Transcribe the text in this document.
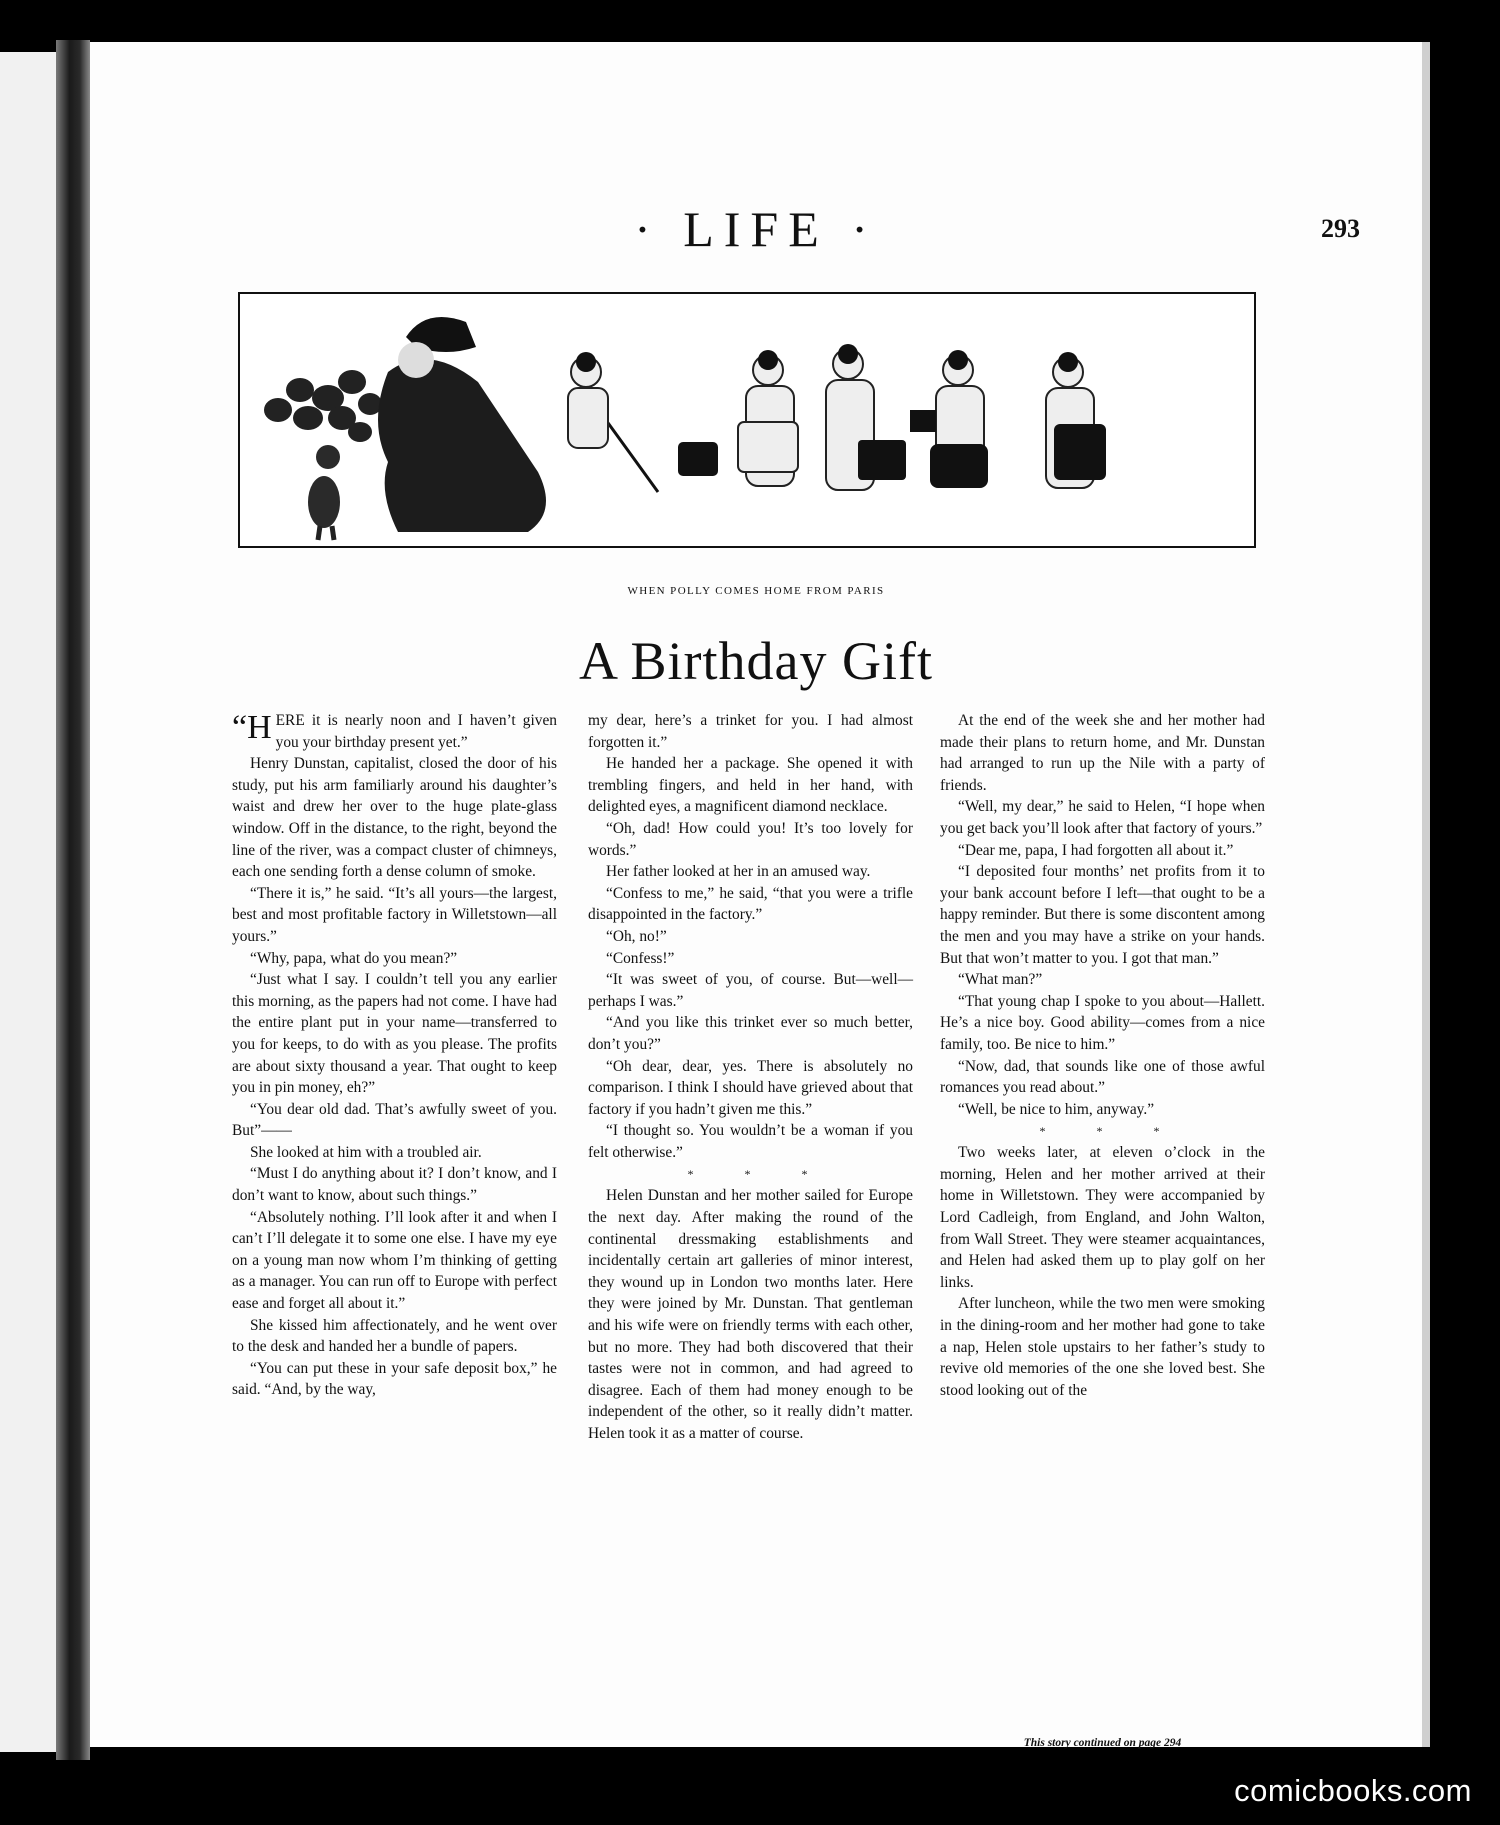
· LIFE ·	293
WHEN POLLY COMES HOME FROM PARIS
A Birthday Gift

“HERE it is nearly noon and I haven’t given you your birthday present yet.”

Henry Dunstan, capitalist, closed the door of his study, put his arm familiarly around his daughter’s waist and drew her over to the huge plate-glass window. Off in the distance, to the right, beyond the line of the river, was a compact cluster of chimneys, each one sending forth a dense column of smoke.

“There it is,” he said. “It’s all yours—the largest, best and most profitable factory in Willetstown—all yours.”

“Why, papa, what do you mean?”

“Just what I say. I couldn’t tell you any earlier this morning, as the papers had not come. I have had the entire plant put in your name—transferred to you for keeps, to do with as you please. The profits are about sixty thousand a year. That ought to keep you in pin money, eh?”

“You dear old dad. That’s awfully sweet of you. But”——

She looked at him with a troubled air.

“Must I do anything about it? I don’t know, and I don’t want to know, about such things.”

“Absolutely nothing. I’ll look after it and when I can’t I’ll delegate it to some one else. I have my eye on a young man now whom I’m thinking of getting as a manager. You can run off to Europe with perfect ease and forget all about it.”

She kissed him affectionately, and he went over to the desk and handed her a bundle of papers.

“You can put these in your safe deposit box,” he said. “And, by the way,

my dear, here’s a trinket for you. I had almost forgotten it.”

He handed her a package. She opened it with trembling fingers, and held in her hand, with delighted eyes, a magnificent diamond necklace.

“Oh, dad! How could you! It’s too lovely for words.”

Her father looked at her in an amused way.

“Confess to me,” he said, “that you were a trifle disappointed in the factory.”

“Oh, no!”

“Confess!”

“It was sweet of you, of course. But—well—perhaps I was.”

“And you like this trinket ever so much better, don’t you?”

“Oh dear, dear, yes. There is absolutely no comparison. I think I should have grieved about that factory if you hadn’t given me this.”

“I thought so. You wouldn’t be a woman if you felt otherwise.”

* * *

Helen Dunstan and her mother sailed for Europe the next day. After making the round of the continental dressmaking establishments and incidentally certain art galleries of minor interest, they wound up in London two months later. Here they were joined by Mr. Dunstan. That gentleman and his wife were on friendly terms with each other, but no more. They had both discovered that their tastes were not in common, and had agreed to disagree. Each of them had money enough to be independent of the other, so it really didn’t matter. Helen took it as a matter of course.

At the end of the week she and her mother had made their plans to return home, and Mr. Dunstan had arranged to run up the Nile with a party of friends.

“Well, my dear,” he said to Helen, “I hope when you get back you’ll look after that factory of yours.”

“Dear me, papa, I had forgotten all about it.”

“I deposited four months’ net profits from it to your bank account before I left—that ought to be a happy reminder. But there is some discontent among the men and you may have a strike on your hands. But that won’t matter to you. I got that man.”

“What man?”

“That young chap I spoke to you about—Hallett. He’s a nice boy. Good ability—comes from a nice family, too. Be nice to him.”

“Now, dad, that sounds like one of those awful romances you read about.”

“Well, be nice to him, anyway.”

* * *

Two weeks later, at eleven o’clock in the morning, Helen and her mother arrived at their home in Willetstown. They were accompanied by Lord Cadleigh, from England, and John Walton, from Wall Street. They were steamer acquaintances, and Helen had asked them up to play golf on her links.

After luncheon, while the two men were smoking in the dining-room and her mother had gone to take a nap, Helen stole upstairs to her father’s study to revive old memories of the one she loved best. She stood looking out of the

This story continued on page 294
comicbooks.com
